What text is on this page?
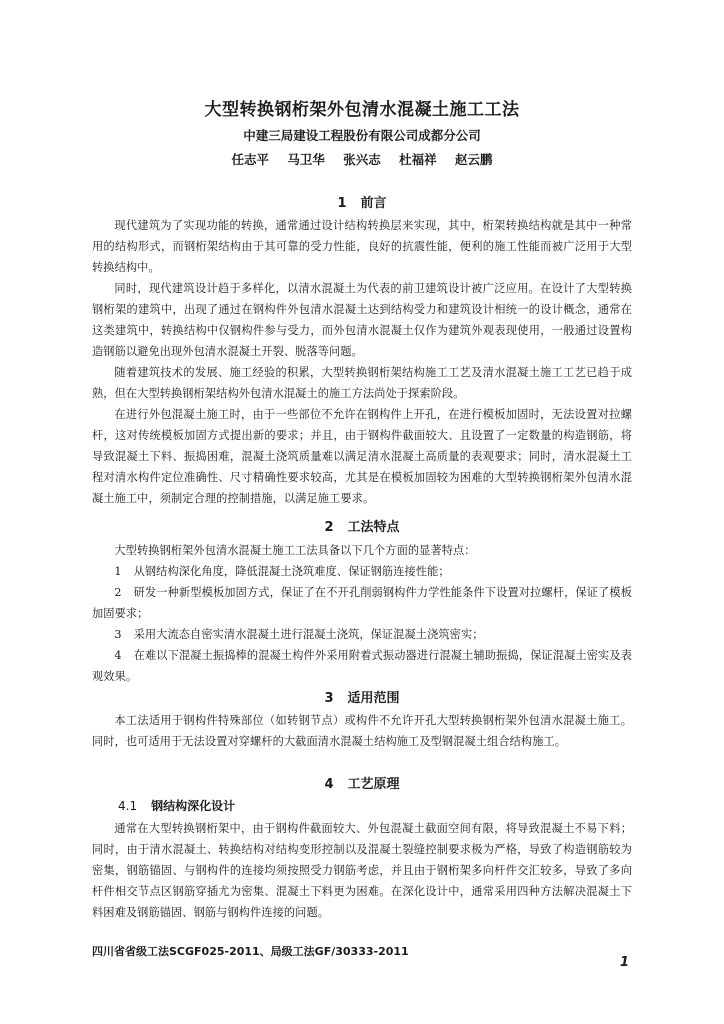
大型转换钢桁架外包清水混凝土施工工法
中建三局建设工程股份有限公司成都分公司
任志平 马卫华 张兴志 杜福祥 赵云鹏
1 前言
现代建筑为了实现功能的转换，通常通过设计结构转换层来实现，其中，桁架转换结构就是其中一种常用的结构形式，而钢桁架结构由于其可靠的受力性能，良好的抗震性能，便利的施工性能而被广泛用于大型转换结构中。
同时，现代建筑设计趋于多样化，以清水混凝土为代表的前卫建筑设计被广泛应用。在设计了大型转换钢桁架的建筑中，出现了通过在钢构件外包清水混凝土达到结构受力和建筑设计相统一的设计概念，通常在这类建筑中，转换结构中仅钢构件参与受力，而外包清水混凝土仅作为建筑外观表现使用，一般通过设置构造钢筋以避免出现外包清水混凝土开裂、脱落等问题。
随着建筑技术的发展、施工经验的积累，大型转换钢桁架结构施工工艺及清水混凝土施工工艺已趋于成熟，但在大型转换钢桁架结构外包清水混凝土的施工方法尚处于探索阶段。
在进行外包混凝土施工时，由于一些部位不允许在钢构件上开孔，在进行模板加固时，无法设置对拉螺杆，这对传统模板加固方式提出新的要求；并且，由于钢构件截面较大、且设置了一定数量的构造钢筋，将导致混凝土下料、振捣困难，混凝土浇筑质量难以满足清水混凝土高质量的表观要求；同时，清水混凝土工程对清水构件定位准确性、尺寸精确性要求较高，尤其是在模板加固较为困难的大型转换钢桁架外包清水混凝土施工中，须制定合理的控制措施，以满足施工要求。
2 工法特点
大型转换钢桁架外包清水混凝土施工工法具备以下几个方面的显著特点：
1 从钢结构深化角度，降低混凝土浇筑难度、保证钢筋连接性能；
2 研发一种新型模板加固方式，保证了在不开孔削弱钢构件力学性能条件下设置对拉螺杆，保证了模板加固要求；
3 采用大流态自密实清水混凝土进行混凝土浇筑，保证混凝土浇筑密实；
4 在难以下混凝土振捣棒的混凝土构件外采用附着式振动器进行混凝土辅助振捣，保证混凝土密实及表观效果。
3 适用范围
本工法适用于钢构件特殊部位（如转钢节点）或构件不允许开孔大型转换钢桁架外包清水混凝土施工。同时，也可适用于无法设置对穿螺杆的大截面清水混凝土结构施工及型钢混凝土组合结构施工。
4 工艺原理
4.1 钢结构深化设计
通常在大型转换钢桁架中，由于钢构件截面较大、外包混凝土截面空间有限，将导致混凝土不易下料；同时，由于清水混凝土、转换结构对结构变形控制以及混凝土裂缝控制要求极为严格，导致了构造钢筋较为密集，钢筋锚固、与钢构件的连接均须按照受力钢筋考虑，并且由于钢桁架多向杆件交汇较多，导致了多向杆件相交节点区钢筋穿插尤为密集、混凝土下料更为困难。在深化设计中，通常采用四种方法解决混凝土下料困难及钢筋锚固、钢筋与钢构件连接的问题。
四川省省级工法SCGF025-2011、局级工法GF/30333-2011
1
